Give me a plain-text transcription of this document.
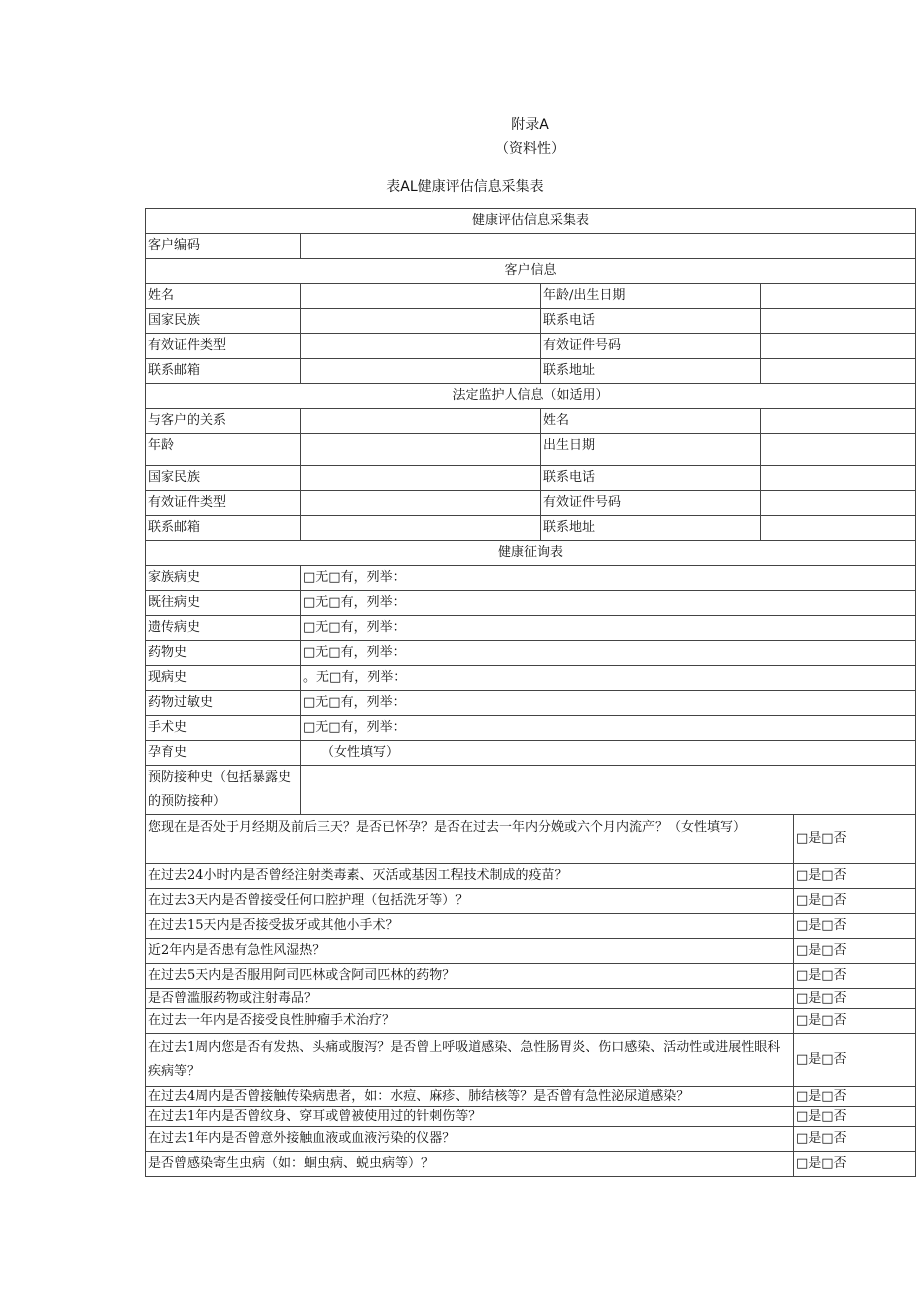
附录A
（资料性）
表AL健康评估信息采集表
健康评估信息采集表				
客户编码				
客户信息				
姓名		年龄/出生日期		
国家民族		联系电话		
有效证件类型		有效证件号码		
联系邮箱		联系地址		
法定监护人信息（如适用）				
与客户的关系		姓名		
年龄		出生日期		
国家民族		联系电话		
有效证件类型		有效证件号码		
联系邮箱		联系地址		
健康征询表				
家族病史	□无□有，列举：			
既往病史	□无□有，列举：			
遗传病史	□无□有，列举：			
药物史	□无□有，列举：			
现病史	。无□有，列举：			
药物过敏史	□无□有，列举：			
手术史	□无□有，列举：			
孕育史	（女性填写）			
预防接种史（包括暴露史的预防接种）				
您现在是否处于月经期及前后三天？是否已怀孕？是否在过去一年内分娩或六个月内流产？（女性填写）				□是□否
在过去24小时内是否曾经注射类毒素、灭活或基因工程技术制成的疫苗？				□是□否
在过去3天内是否曾接受任何口腔护理（包括洗牙等）？				□是□否
在过去15天内是否接受拔牙或其他小手术？				□是□否
近2年内是否患有急性风湿热？				□是□否
在过去5天内是否服用阿司匹林或含阿司匹林的药物？				□是□否
是否曾滥服药物或注射毒品？				□是□否
在过去一年内是否接受良性肿瘤手术治疗？				□是□否
在过去1周内您是否有发热、头痛或腹泻？是否曾上呼吸道感染、急性肠胃炎、伤口感染、活动性或进展性眼科疾病等？				□是□否
在过去4周内是否曾接触传染病患者，如：水痘、麻疹、肺结核等？是否曾有急性泌尿道感染？				□是□否
在过去1年内是否曾纹身、穿耳或曾被使用过的针刺伤等？				□是□否
在过去1年内是否曾意外接触血液或血液污染的仪器？				□是□否
是否曾感染寄生虫病（如：蛔虫病、蜕虫病等）？				□是□否
